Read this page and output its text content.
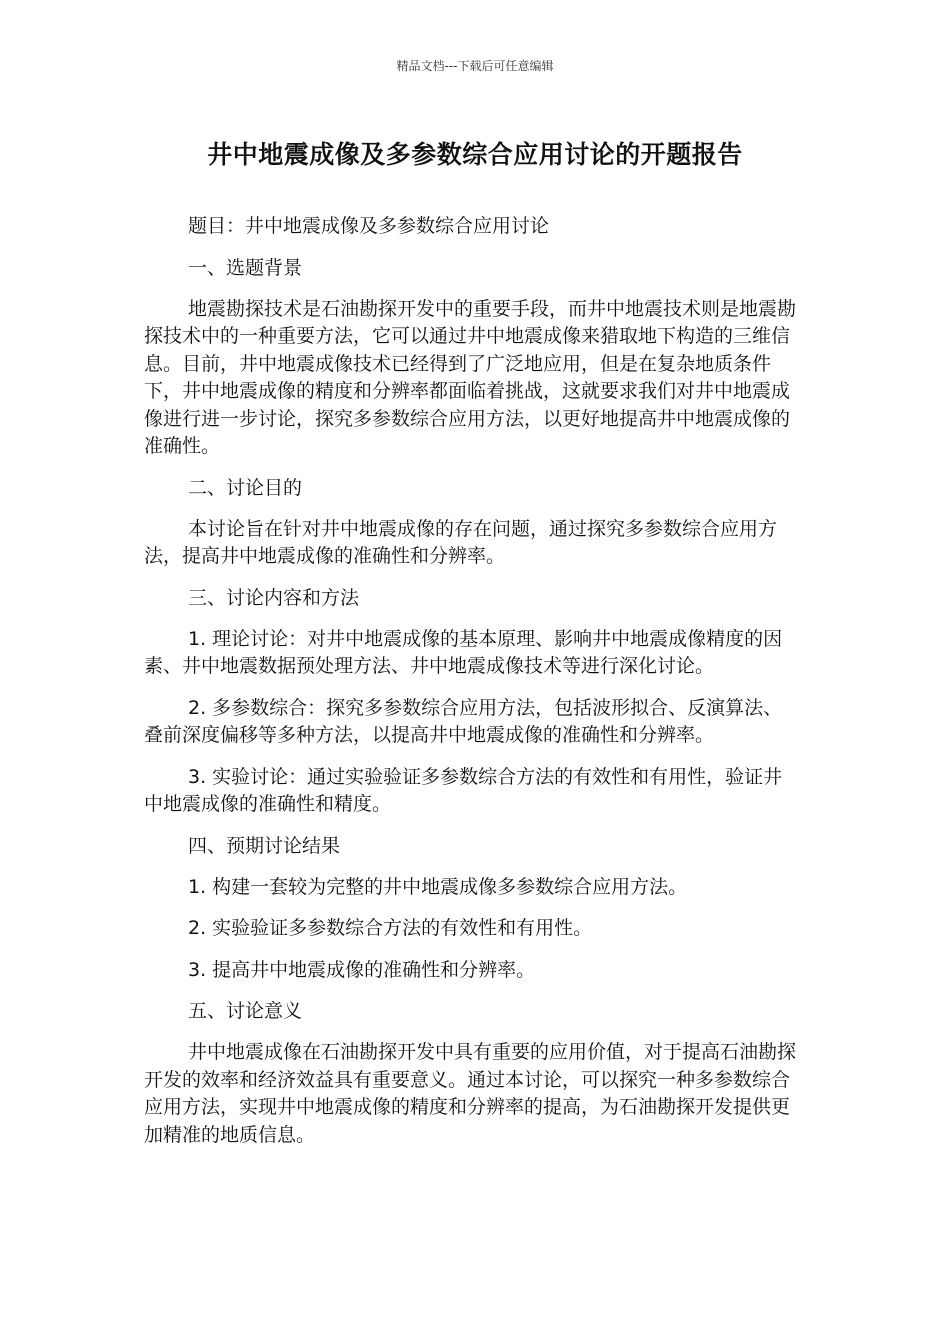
精品文档---下载后可任意编辑
井中地震成像及多参数综合应用讨论的开题报告

题目：井中地震成像及多参数综合应用讨论

一、选题背景

地震勘探技术是石油勘探开发中的重要手段，而井中地震技术则是地震勘探技术中的一种重要方法，它可以通过井中地震成像来猎取地下构造的三维信息。目前，井中地震成像技术已经得到了广泛地应用，但是在复杂地质条件下，井中地震成像的精度和分辨率都面临着挑战，这就要求我们对井中地震成像进行进一步讨论，探究多参数综合应用方法，以更好地提高井中地震成像的准确性。

二、讨论目的

本讨论旨在针对井中地震成像的存在问题，通过探究多参数综合应用方法，提高井中地震成像的准确性和分辨率。

三、讨论内容和方法

1. 理论讨论：对井中地震成像的基本原理、影响井中地震成像精度的因素、井中地震数据预处理方法、井中地震成像技术等进行深化讨论。

2. 多参数综合：探究多参数综合应用方法，包括波形拟合、反演算法、叠前深度偏移等多种方法，以提高井中地震成像的准确性和分辨率。

3. 实验讨论：通过实验验证多参数综合方法的有效性和有用性，验证井中地震成像的准确性和精度。

四、预期讨论结果

1. 构建一套较为完整的井中地震成像多参数综合应用方法。

2. 实验验证多参数综合方法的有效性和有用性。

3. 提高井中地震成像的准确性和分辨率。

五、讨论意义

井中地震成像在石油勘探开发中具有重要的应用价值，对于提高石油勘探开发的效率和经济效益具有重要意义。通过本讨论，可以探究一种多参数综合应用方法，实现井中地震成像的精度和分辨率的提高，为石油勘探开发提供更加精准的地质信息。
